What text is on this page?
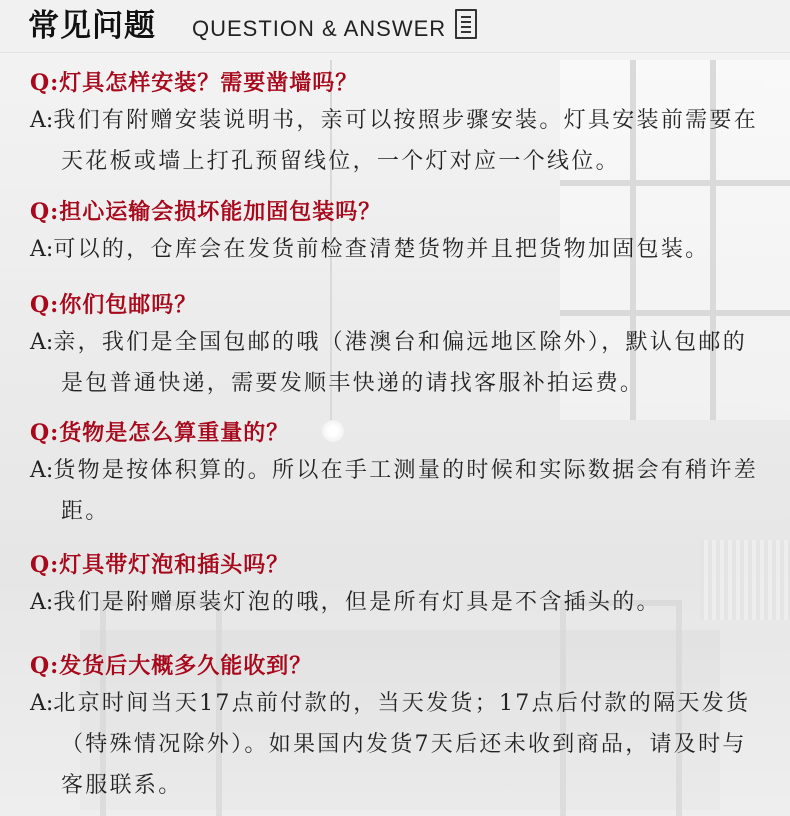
常见问题 QUESTION & ANSWER
Q:灯具怎样安装？需要凿墙吗？
A:我们有附赠安装说明书，亲可以按照步骤安装。灯具安装前需要在天花板或墙上打孔预留线位，一个灯对应一个线位。
Q:担心运输会损坏能加固包装吗？
A:可以的，仓库会在发货前检查清楚货物并且把货物加固包装。
Q:你们包邮吗？
A:亲，我们是全国包邮的哦（港澳台和偏远地区除外），默认包邮的是包普通快递，需要发顺丰快递的请找客服补拍运费。
Q:货物是怎么算重量的？
A:货物是按体积算的。所以在手工测量的时候和实际数据会有稍许差距。
Q:灯具带灯泡和插头吗？
A:我们是附赠原装灯泡的哦，但是所有灯具是不含插头的。
Q:发货后大概多久能收到？
A:北京时间当天17点前付款的，当天发货；17点后付款的隔天发货（特殊情况除外）。如果国内发货7天后还未收到商品，请及时与客服联系。
